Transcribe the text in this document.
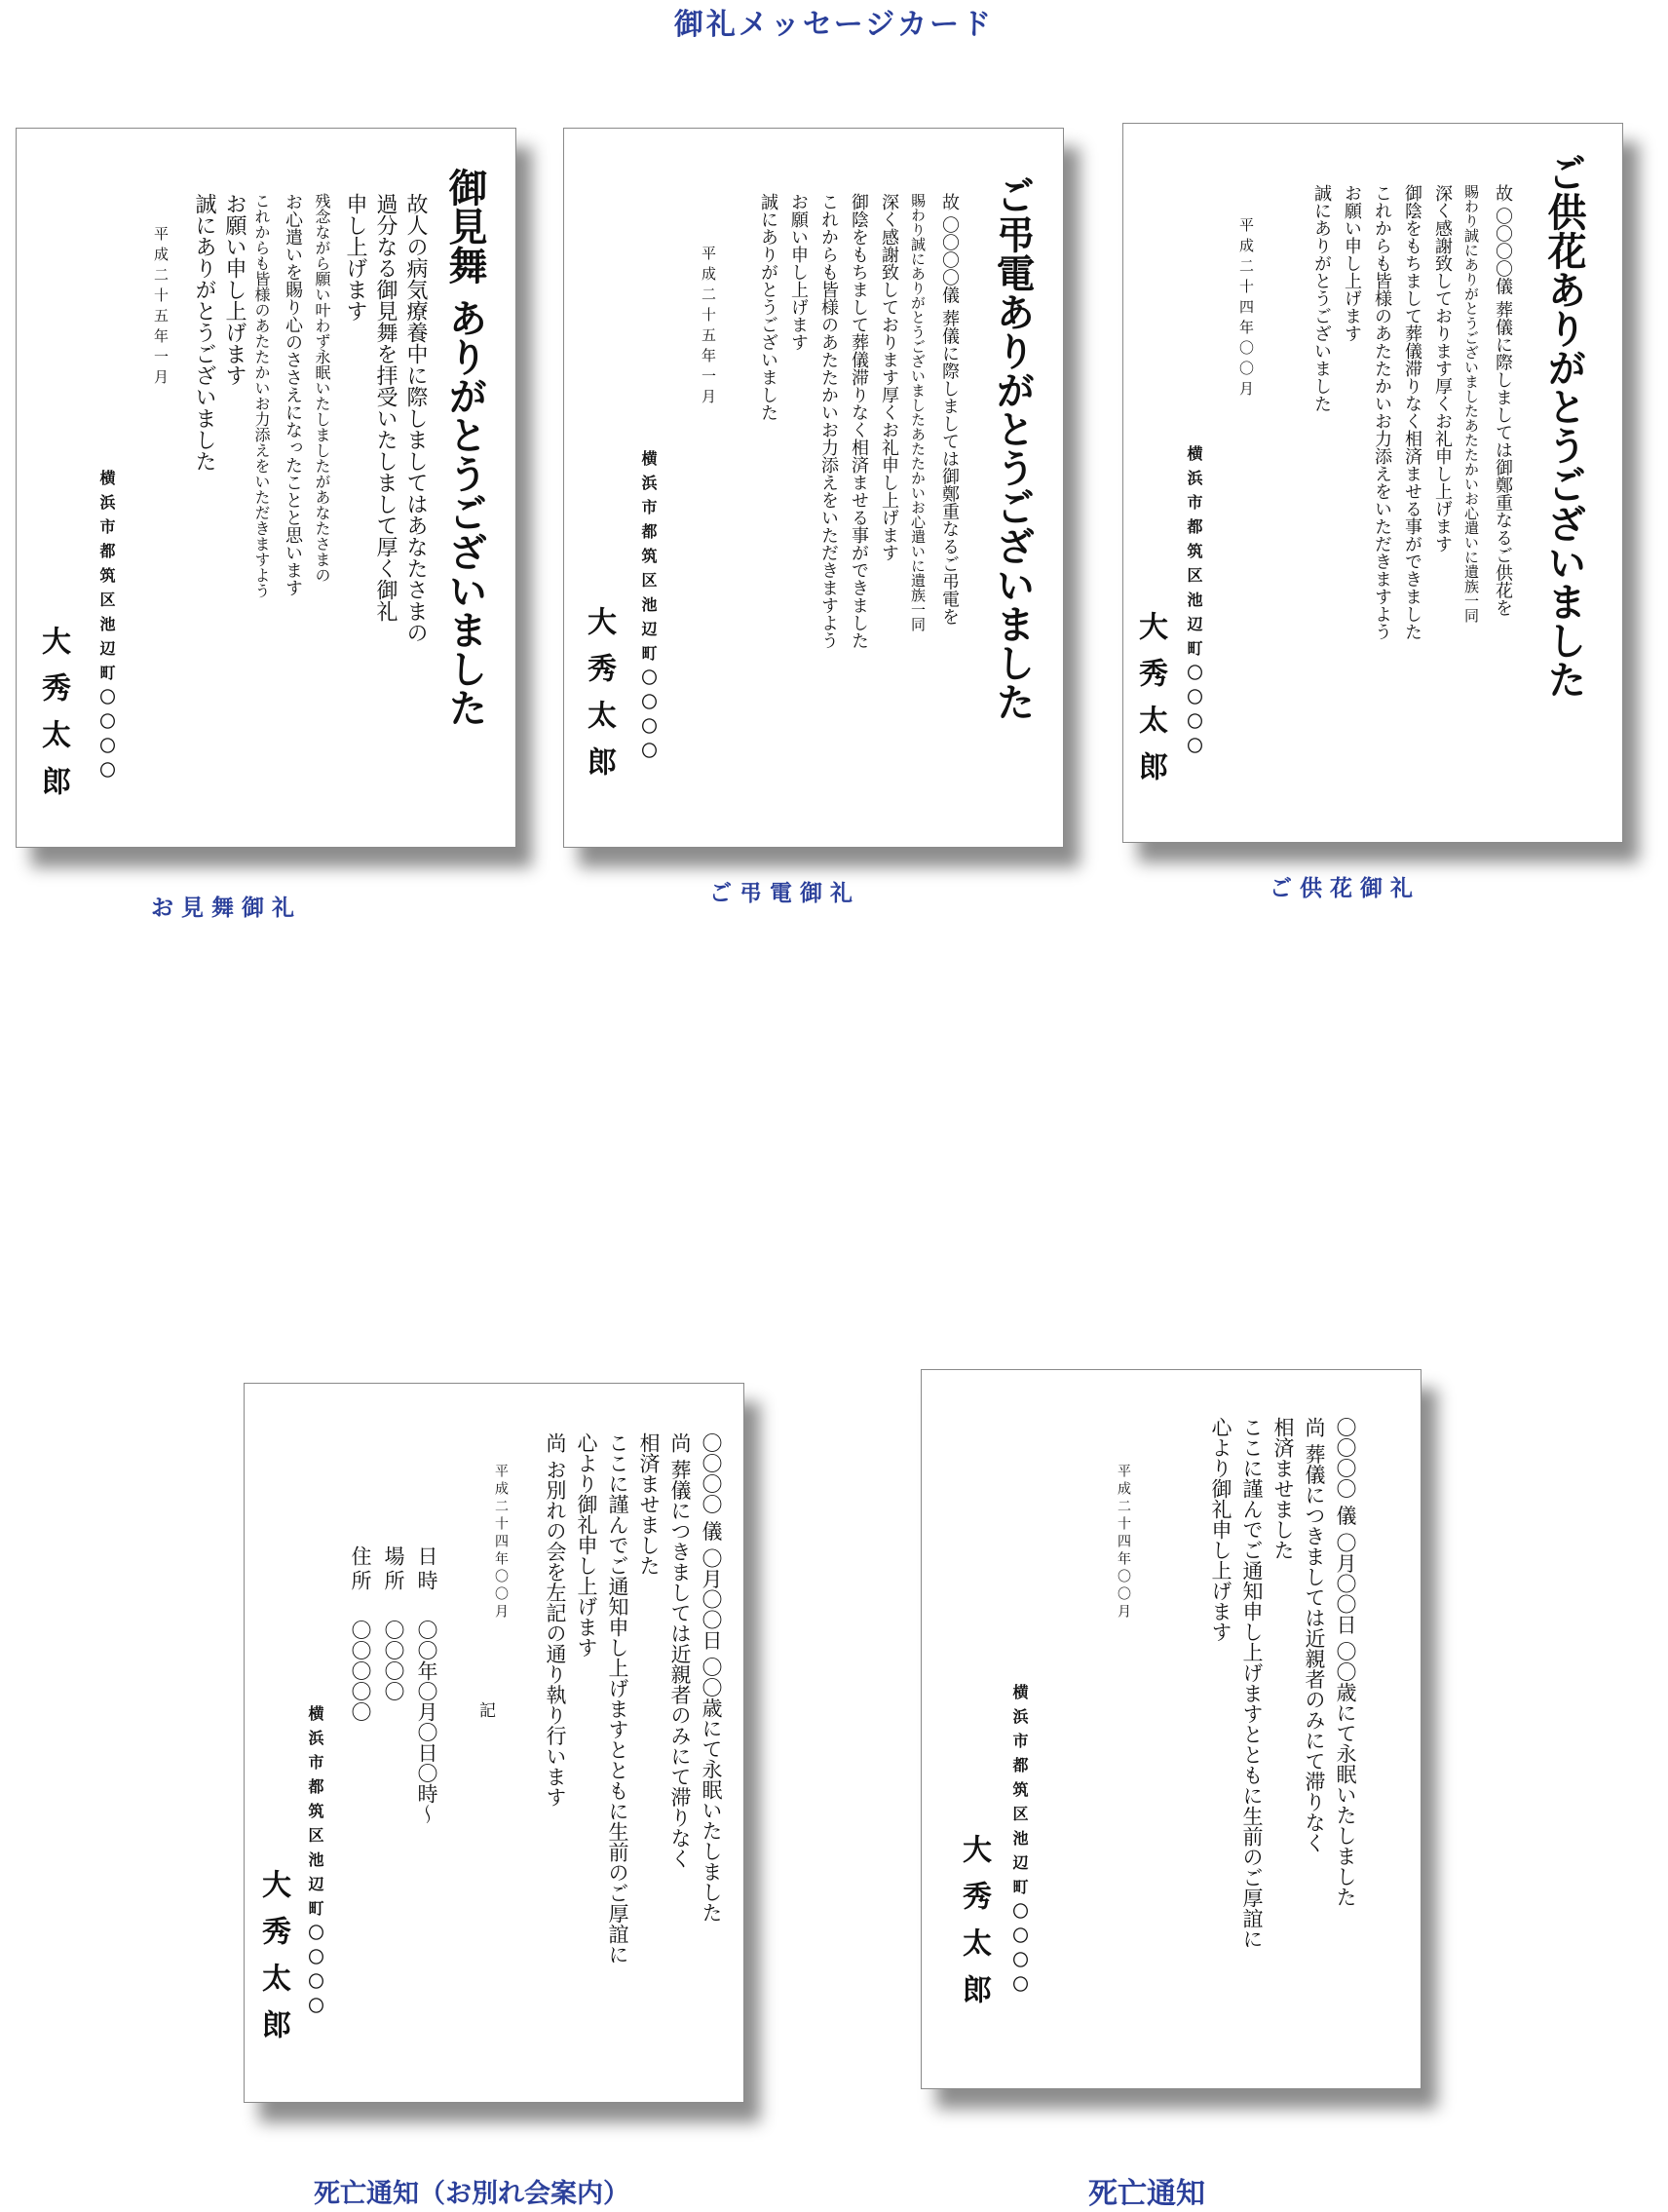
御礼メッセージカード
御見舞 ありがとうございました
故人の病気療養中に際しましてはあなたさまの
過分なる御見舞を拝受いたしまして厚く御礼
申し上げます
残念ながら願い叶わず永眠いたしましたがあなたさまの
お心遣いを賜り心のささえになったことと思います
これからも皆様のあたたかいお力添えをいただきますよう
お願い申し上げます
誠にありがとうございました
平成二十五年一月
横浜市都筑区池辺町〇〇〇〇
大秀太郎
お 見 舞 御 礼
ご弔電ありがとうございました
故 〇〇〇〇儀 葬儀に際しましては御鄭重なるご弔電を
賜わり誠にありがとうございましたあたたかいお心遣いに遺族一同
深く感謝致しております厚くお礼申し上げます
御陰をもちまして葬儀滞りなく相済ませる事ができました
これからも皆様のあたたかいお力添えをいただきますよう
お願い申し上げます
誠にありがとうございました
平成二十五年一月
横浜市都筑区池辺町〇〇〇〇
大秀太郎
ご 弔 電 御 礼
ご供花ありがとうございました
故 〇〇〇〇儀 葬儀に際しましては御鄭重なるご供花を
賜わり誠にありがとうございましたあたたかいお心遣いに遺族一同
深く感謝致しております厚くお礼申し上げます
御陰をもちまして葬儀滞りなく相済ませる事ができました
これからも皆様のあたたかいお力添えをいただきますよう
お願い申し上げます
誠にありがとうございました
平成二十四年〇〇月
横浜市都筑区池辺町〇〇〇〇
大秀太郎
ご 供 花 御 礼
〇〇〇〇 儀 〇月〇〇日 〇〇歳にて永眠いたしました
尚 葬儀につきましては近親者のみにて滞りなく
相済ませました
ここに謹んでご通知申し上げますとともに生前のご厚誼に
心より御礼申し上げます
尚 お別れの会を左記の通り執り行います
平成二十四年〇〇月
記
日時
〇〇年〇月〇日〇時～
場所
〇〇〇〇
住所
〇〇〇〇〇
横浜市都筑区池辺町〇〇〇〇
大秀太郎
死亡通知（お別れ会案内）
〇〇〇〇 儀 〇月〇〇日 〇〇歳にて永眠いたしました
尚 葬儀につきましては近親者のみにて滞りなく
相済ませました
ここに謹んでご通知申し上げますとともに生前のご厚誼に
心より御礼申し上げます
平成二十四年〇〇月
横浜市都筑区池辺町〇〇〇〇
大秀太郎
死亡通知
